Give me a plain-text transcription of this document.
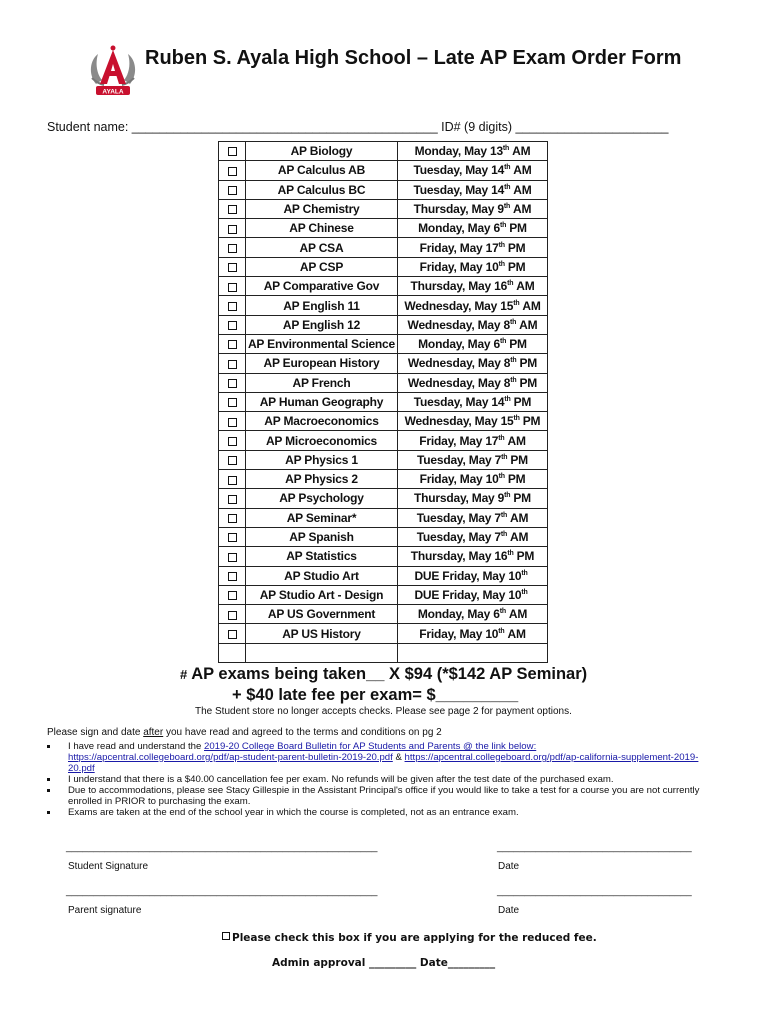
AYALA
Ruben S. Ayala High School – Late AP Exam Order Form
Student name: ____________________________________________ ID# (9 digits) ______________________
	AP Biology	Monday, May 13th AM
	AP Calculus AB	Tuesday, May 14th AM
	AP Calculus BC	Tuesday, May 14th AM
	AP Chemistry	Thursday, May 9th AM
	AP Chinese	Monday, May 6th PM
	AP CSA	Friday, May 17th PM
	AP CSP	Friday, May 10th PM
	AP Comparative Gov	Thursday, May 16th AM
	AP English 11	Wednesday, May 15th AM
	AP English 12	Wednesday, May 8th AM
	AP Environmental Science	Monday, May 6th PM
	AP European History	Wednesday, May 8th PM
	AP French	Wednesday, May 8th PM
	AP Human Geography	Tuesday, May 14th PM
	AP Macroeconomics	Wednesday, May 15th PM
	AP Microeconomics	Friday, May 17th AM
	AP Physics 1	Tuesday, May 7th PM
	AP Physics 2	Friday, May 10th PM
	AP Psychology	Thursday, May 9th PM
	AP Seminar*	Tuesday, May 7th AM
	AP Spanish	Tuesday, May 7th AM
	AP Statistics	Thursday, May 16th PM
	AP Studio Art	DUE Friday, May 10th
	AP Studio Art - Design	DUE Friday, May 10th
	AP US Government	Monday, May 6th AM
	AP US History	Friday, May 10th AM

# AP exams being taken__ X $94 (*$142 AP Seminar)
+ $40 late fee per exam= $_________
The Student store no longer accepts checks. Please see page 2 for payment options.
Please sign and date after you have read and agreed to the terms and conditions on pg 2
I have read and understand the 2019-20 College Board Bulletin for AP Students and Parents @ the link below:
https://apcentral.collegeboard.org/pdf/ap-student-parent-bulletin-2019-20.pdf & https://apcentral.collegeboard.org/pdf/ap-california-supplement-2019-20.pdf
I understand that there is a $40.00 cancellation fee per exam. No refunds will be given after the test date of the purchased exam.
Due to accommodations, please see Stacy Gillespie in the Assistant Principal's office if you would like to take a test for a course you are not currently enrolled in PRIOR to purchasing the exam.
Exams are taken at the end of the school year in which the course is completed, not as an entrance exam.
________________________________________________________	___________________________________
Student Signature	Date
________________________________________________________	___________________________________
Parent signature	Date
Please check this box if you are applying for the reduced fee.
Admin approval _________ Date_________
